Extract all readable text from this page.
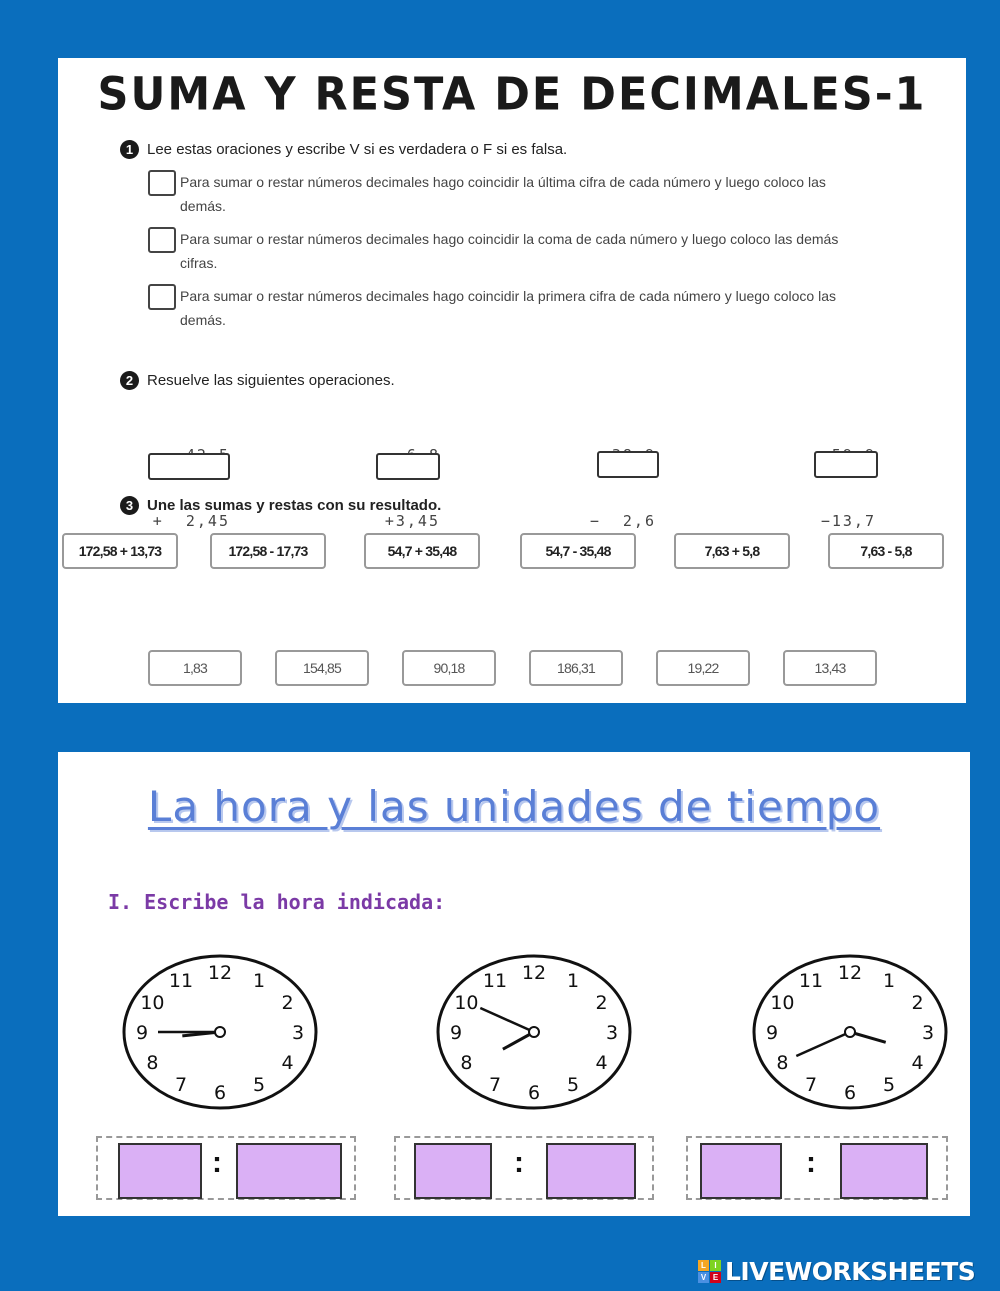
SUMA Y RESTA DE DECIMALES-1
1 Lee estas oraciones y escribe V si es verdadera o F si es falsa.
Para sumar o restar números decimales hago coincidir la última cifra de cada número y luego coloco las demás.
Para sumar o restar números decimales hago coincidir la coma de cada número y luego coloco las demás cifras.
Para sumar o restar números decimales hago coincidir la primera cifra de cada número y luego coloco las demás.
2 Resuelve las siguientes operaciones.

+  2,45

	+3,45

	−  2,6

	−13,7

3 Une las sumas y restas con su resultado.
172,58 + 13,73	172,58 - 17,73	54,7 + 35,48	54,7 - 35,48	7,63 + 5,8	7,63 - 5,8
1,83	154,85	90,18	186,31	19,22	13,43
La hora y las unidades de tiempo
I. Escribe la hora indicada:
12 1
2
3
4
5
6
7
8
9
10
11	12 1
2
3
4
5
6
7
8
9
10
11	12 1
2
3
4
5
6
7
8
9
10
11
:	:	:
L	I
V E LIVEWORKSHEETS
